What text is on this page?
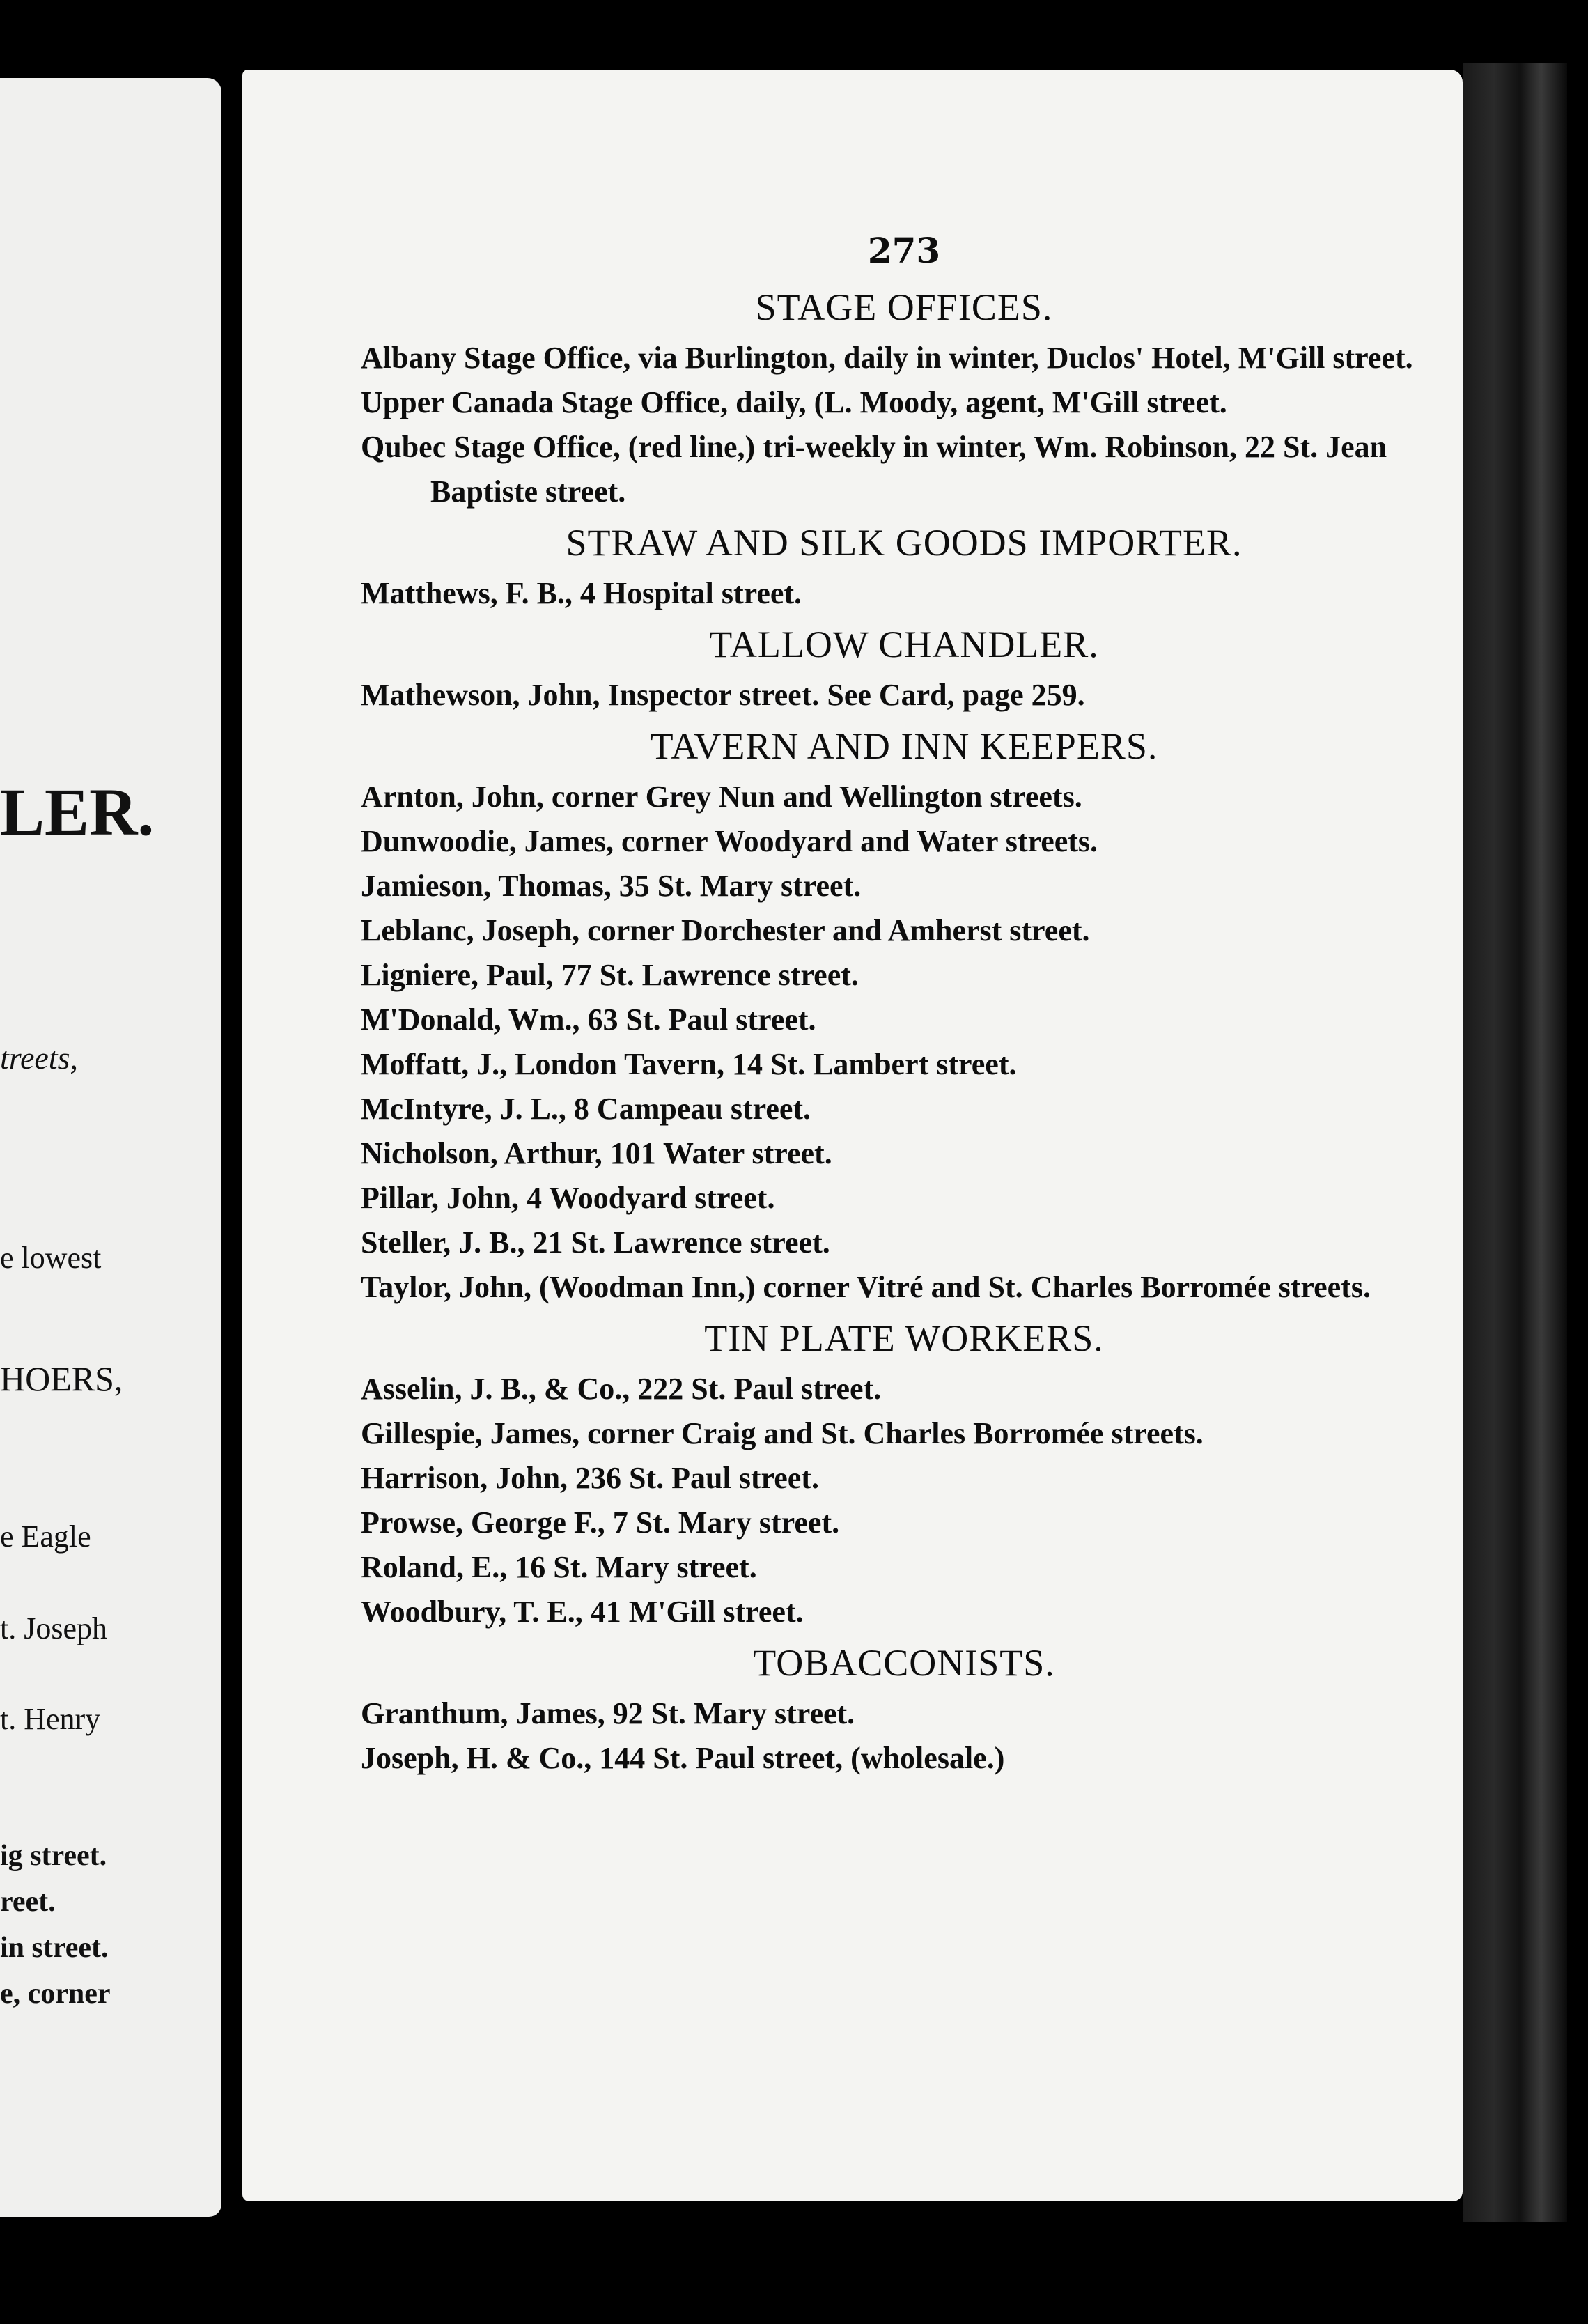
LER.
treets,
e lowest
HOERS,
e Eagle
t. Joseph
t. Henry
ig street.
reet.
in street.
e, corner
273
STAGE OFFICES.
Albany Stage Office, via Burlington, daily in winter, Duclos' Hotel, M'Gill street.
Upper Canada Stage Office, daily, (L. Moody, agent, M'Gill street.
Qubec Stage Office, (red line,) tri-weekly in winter, Wm. Robinson, 22 St. Jean Baptiste street.
STRAW AND SILK GOODS IMPORTER.
Matthews, F. B., 4 Hospital street.
TALLOW CHANDLER.
Mathewson, John, Inspector street. See Card, page 259.
TAVERN AND INN KEEPERS.
Arnton, John, corner Grey Nun and Wellington streets.
Dunwoodie, James, corner Woodyard and Water streets.
Jamieson, Thomas, 35 St. Mary street.
Leblanc, Joseph, corner Dorchester and Amherst street.
Ligniere, Paul, 77 St. Lawrence street.
M'Donald, Wm., 63 St. Paul street.
Moffatt, J., London Tavern, 14 St. Lambert street.
McIntyre, J. L., 8 Campeau street.
Nicholson, Arthur, 101 Water street.
Pillar, John, 4 Woodyard street.
Steller, J. B., 21 St. Lawrence street.
Taylor, John, (Woodman Inn,) corner Vitré and St. Charles Borromée streets.
TIN PLATE WORKERS.
Asselin, J. B., & Co., 222 St. Paul street.
Gillespie, James, corner Craig and St. Charles Borromée streets.
Harrison, John, 236 St. Paul street.
Prowse, George F., 7 St. Mary street.
Roland, E., 16 St. Mary street.
Woodbury, T. E., 41 M'Gill street.
TOBACCONISTS.
Granthum, James, 92 St. Mary street.
Joseph, H. & Co., 144 St. Paul street, (wholesale.)
